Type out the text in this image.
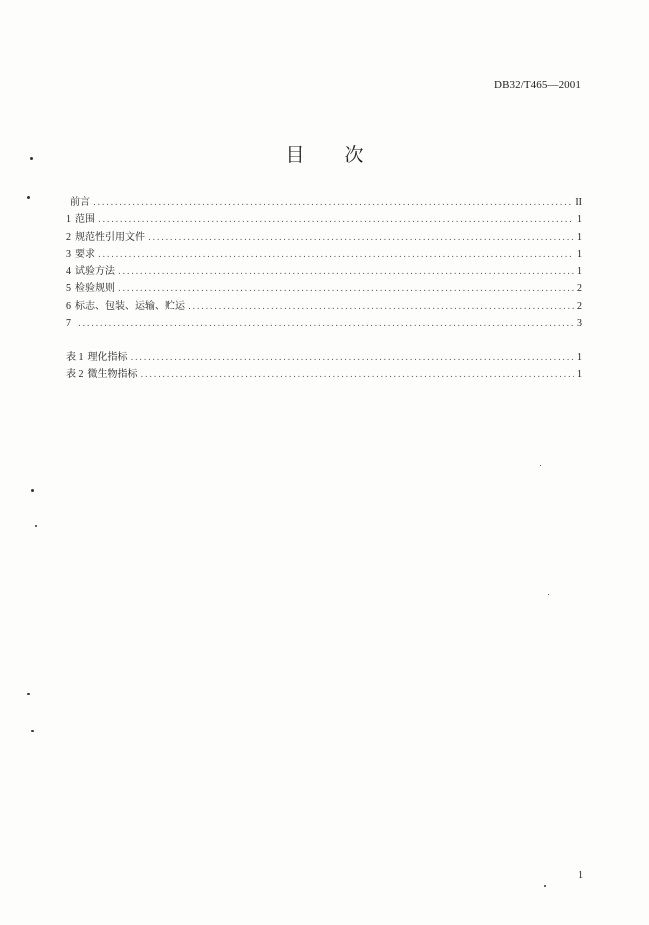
DB32/T465—2001
目 次
前言 .....	II
1 范围 .....	1
2 规范性引用文件 .....	1
3 要求 .....	1
4 试验方法 .....	1
5 检验规则 .....	2
6 标志、包装、运输、贮运 .....	2
7 .....	3
表 1 理化指标 .....	1
表 2 微生物指标 .....	1
1
